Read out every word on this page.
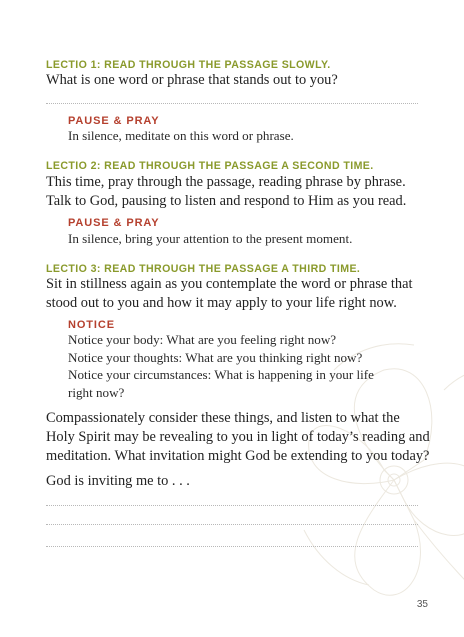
LECTIO 1: READ THROUGH THE PASSAGE SLOWLY.
What is one word or phrase that stands out to you?
PAUSE & PRAY
In silence, meditate on this word or phrase.
LECTIO 2: READ THROUGH THE PASSAGE A SECOND TIME.
This time, pray through the passage, reading phrase by phrase.
Talk to God, pausing to listen and respond to Him as you read.
PAUSE & PRAY
In silence, bring your attention to the present moment.
LECTIO 3: READ THROUGH THE PASSAGE A THIRD TIME.
Sit in stillness again as you contemplate the word or phrase that
stood out to you and how it may apply to your life right now.
NOTICE
Notice your body: What are you feeling right now?
Notice your thoughts: What are you thinking right now?
Notice your circumstances: What is happening in your life
right now?
Compassionately consider these things, and listen to what the
Holy Spirit may be revealing to you in light of today’s reading and
meditation. What invitation might God be extending to you today?
God is inviting me to . . .
35
